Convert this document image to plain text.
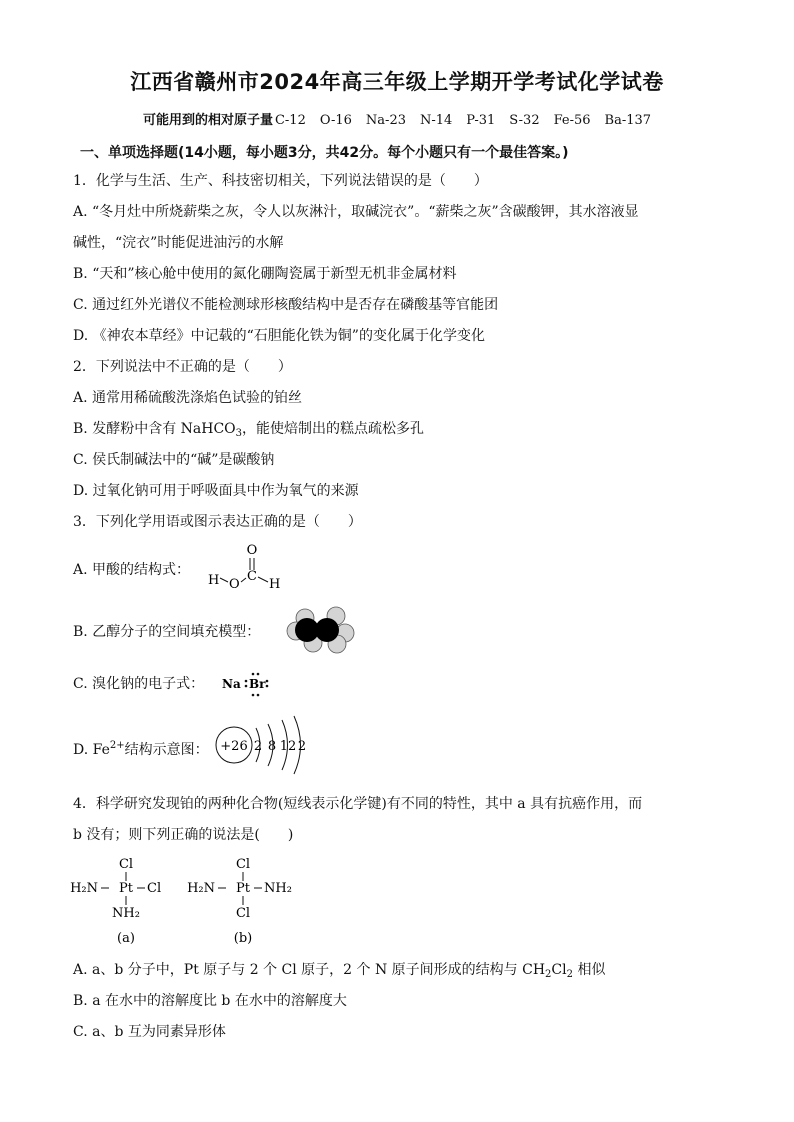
江西省赣州市2024年高三年级上学期开学考试化学试卷
可能用到的相对原子量 C-12 O-16 Na-23 N-14 P-31 S-32 Fe-56 Ba-137
一、单项选择题(14小题，每小题3分，共42分。每个小题只有一个最佳答案。)
1．化学与生活、生产、科技密切相关，下列说法错误的是（　　）
A. “冬月灶中所烧薪柴之灰，令人以灰淋汁，取碱浣衣”。“薪柴之灰”含碳酸钾，其水溶液显
碱性，“浣衣”时能促进油污的水解
B. “天和”核心舱中使用的氮化硼陶瓷属于新型无机非金属材料
C. 通过红外光谱仪不能检测球形核酸结构中是否存在磷酸基等官能团
D. 《神农本草经》中记载的“石胆能化铁为铜”的变化属于化学变化
2．下列说法中不正确的是（　　）
A. 通常用稀硫酸洗涤焰色试验的铂丝
B. 发酵粉中含有 NaHCO$_3$，能使焙制出的糕点疏松多孔
C. 侯氏制碱法中的“碱”是碳酸钠
D. 过氧化钠可用于呼吸面具中作为氧气的来源
3．下列化学用语或图示表达正确的是（　　）
A. 甲酸的结构式：
O
H O
C
H
B. 乙醇分子的空间填充模型：
C. 溴化钠的电子式： Na Br
D. $Fe^{2+}$结构示意图： +26 2 8 12 2
4．科学研究发现铂的两种化合物(短线表示化学键)有不同的特性，其中 a 具有抗癌作用，而
b 没有；则下列正确的说法是(　　)
Cl
H₂N Pt Cl
NH₂
(a)
Cl
H₂N Pt NH₂
Cl
(b)
A. a、b 分子中，Pt 原子与 2 个 Cl 原子，2 个 N 原子间形成的结构与 $CH_2Cl_2$ 相似
B. a 在水中的溶解度比 b 在水中的溶解度大
C. a、b 互为同素异形体
